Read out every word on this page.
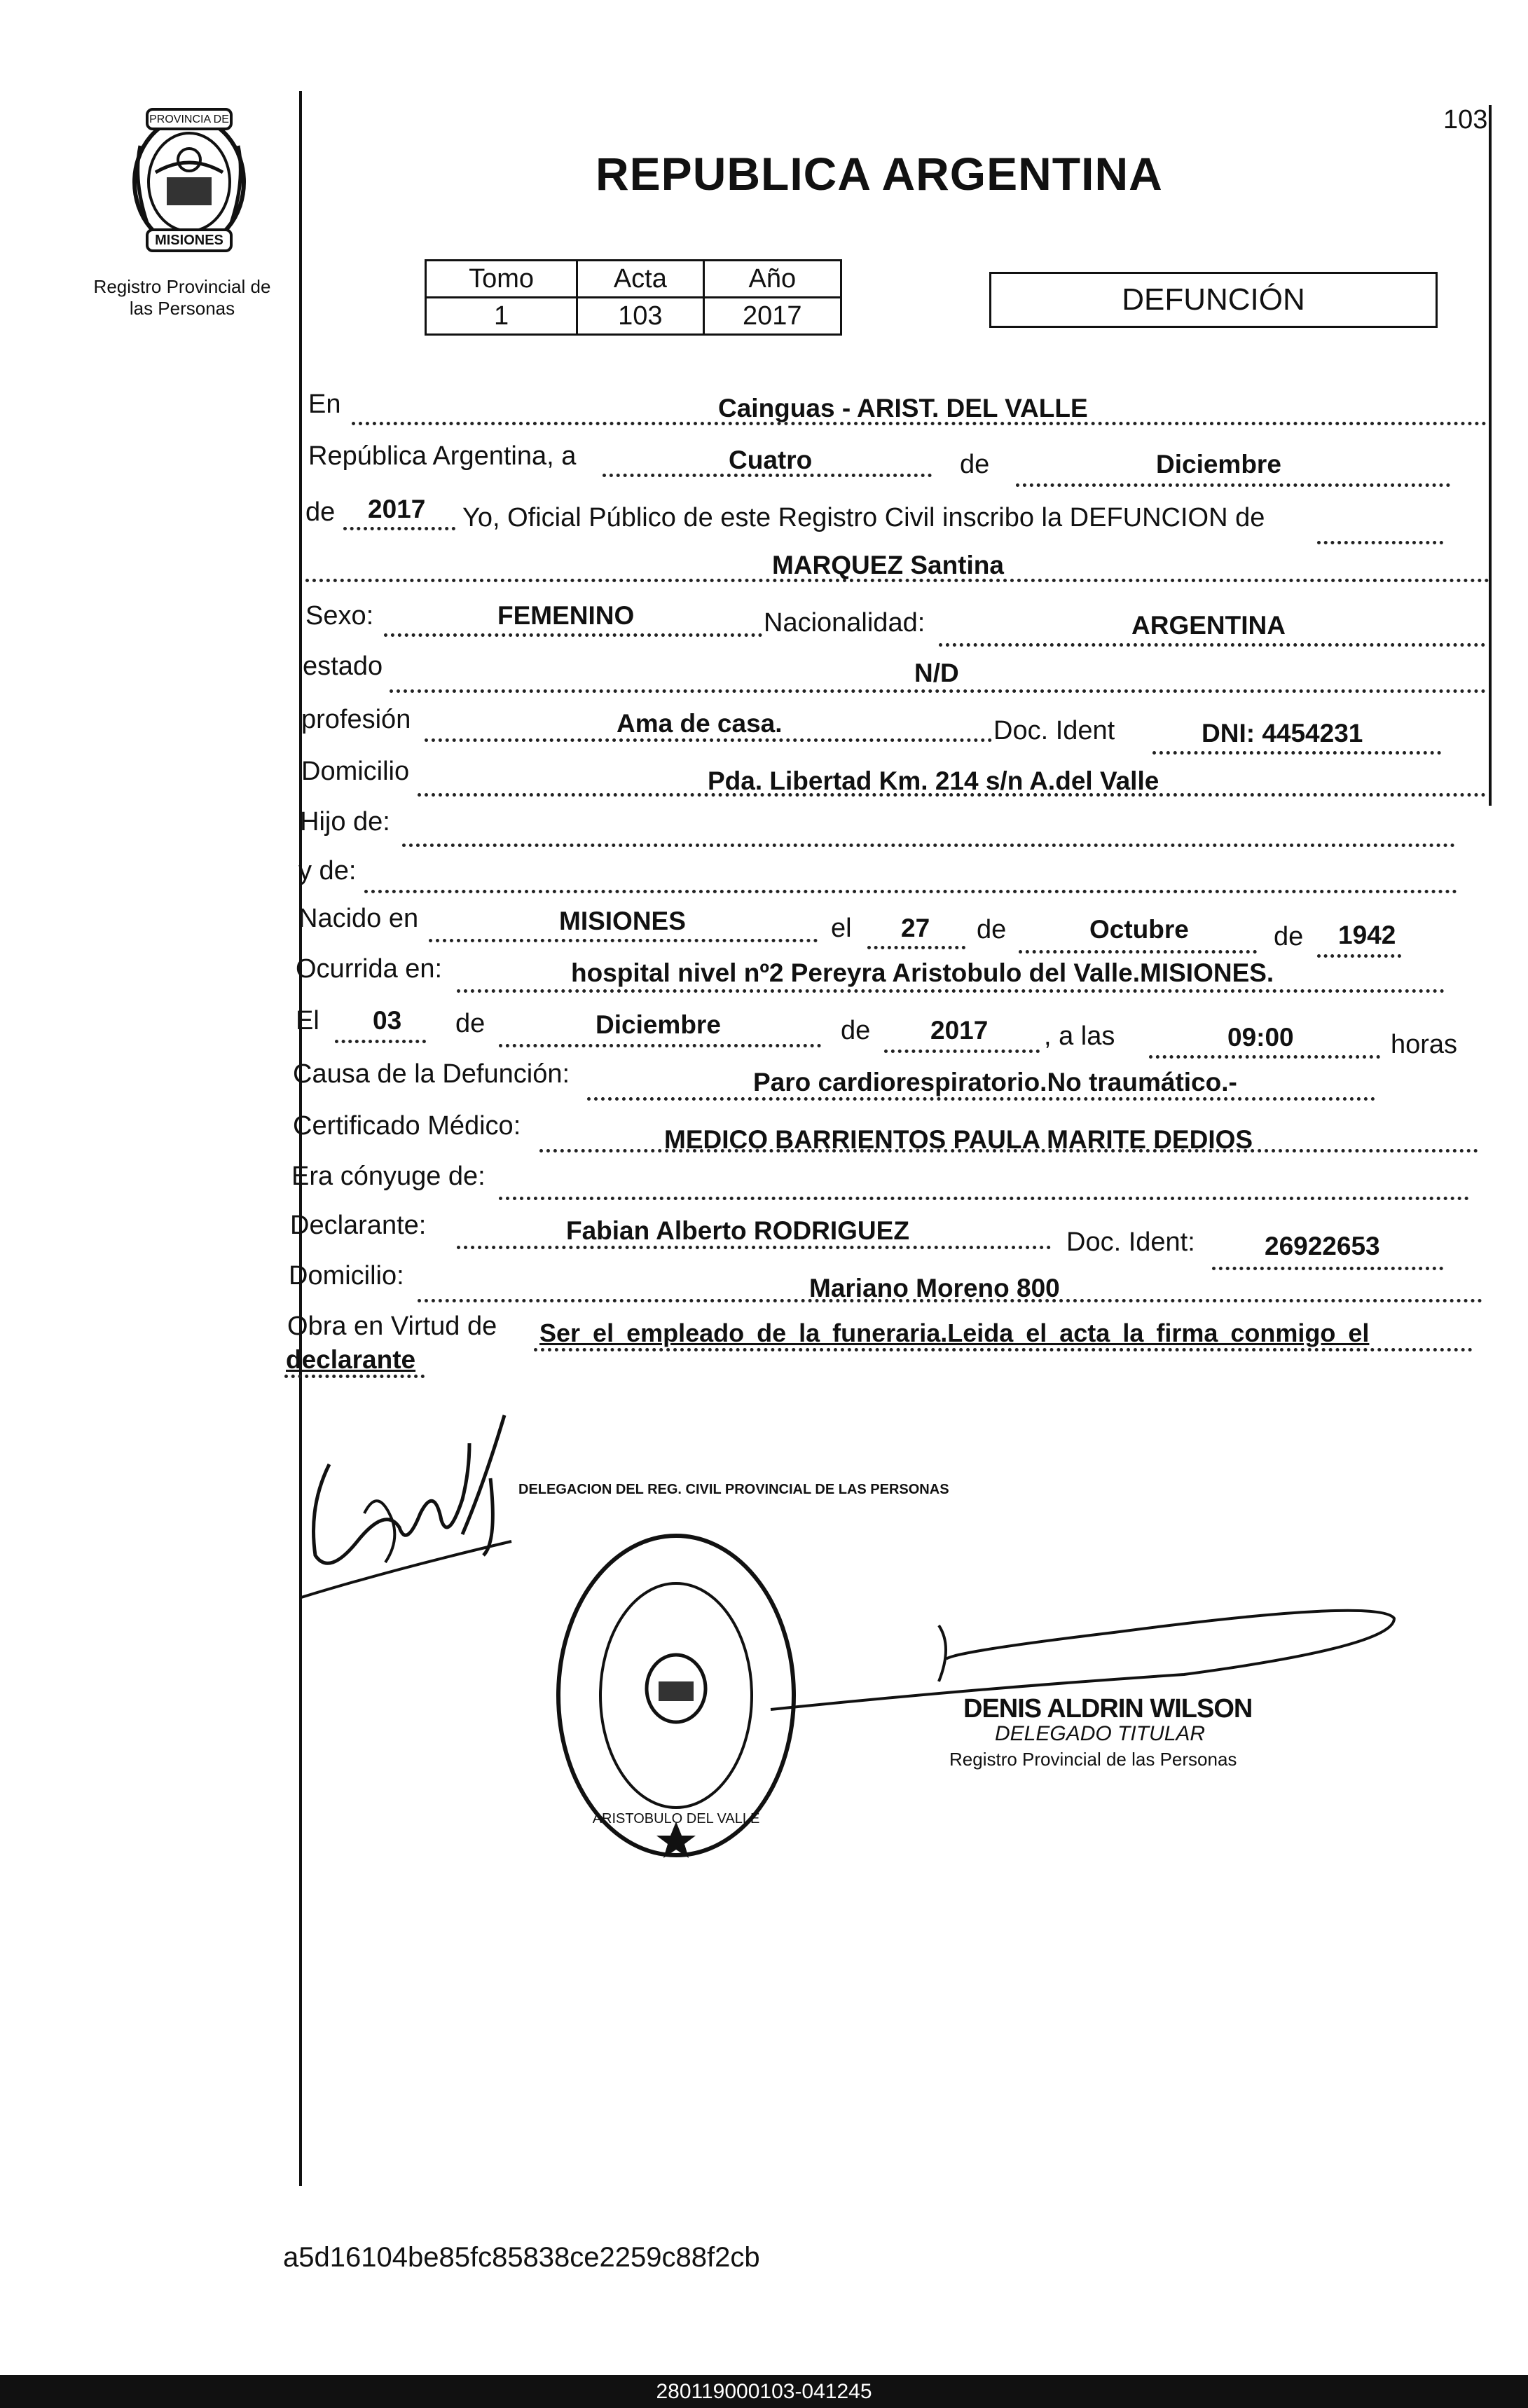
103
PROVINCIA DE
MISIONES
Registro Provincial de
las Personas
REPUBLICA ARGENTINA
Tomo	Acta	Año
1	103	2017	DEFUNCIÓN
En	Cainguas - ARIST. DEL VALLE
República Argentina, a	Cuatro	de	Diciembre
de 2017 Yo, Oficial Público de este Registro Civil inscribo la DEFUNCION de
MARQUEZ Santina
Sexo:	FEMENINO	Nacionalidad:	ARGENTINA
estado	N/D
profesión	Ama de casa.	Doc. Ident	DNI: 4454231
Domicilio	Pda. Libertad Km. 214 s/n A.del Valle
Hijo de:
y de:
Nacido en	MISIONES	el 27 de	Octubre	de 1942
Ocurrida en:	hospital nivel nº2 Pereyra Aristobulo del Valle.MISIONES.
El 03 de	Diciembre	de 2017 , a las	09:00	horas
Causa de la Defunción:	Paro cardiorespiratorio.No traumático.-
Certificado Médico:	MEDICO BARRIENTOS PAULA MARITE DEDIOS
Era cónyuge de:
Declarante:	Fabian Alberto RODRIGUEZ	Doc. Ident:	26922653
Domicilio:	Mariano Moreno 800
Obra en Virtud de Ser el empleado de la funeraria.Leida el acta la firma conmigo el
declarante
DELEGACION DEL REG. CIVIL PROVINCIAL DE LAS PERSONAS
ARISTOBULO DEL VALLE
DENIS ALDRIN WILSON
DELEGADO TITULAR
Registro Provincial de las Personas
a5d16104be85fc85838ce2259c88f2cb
280119000103-041245
